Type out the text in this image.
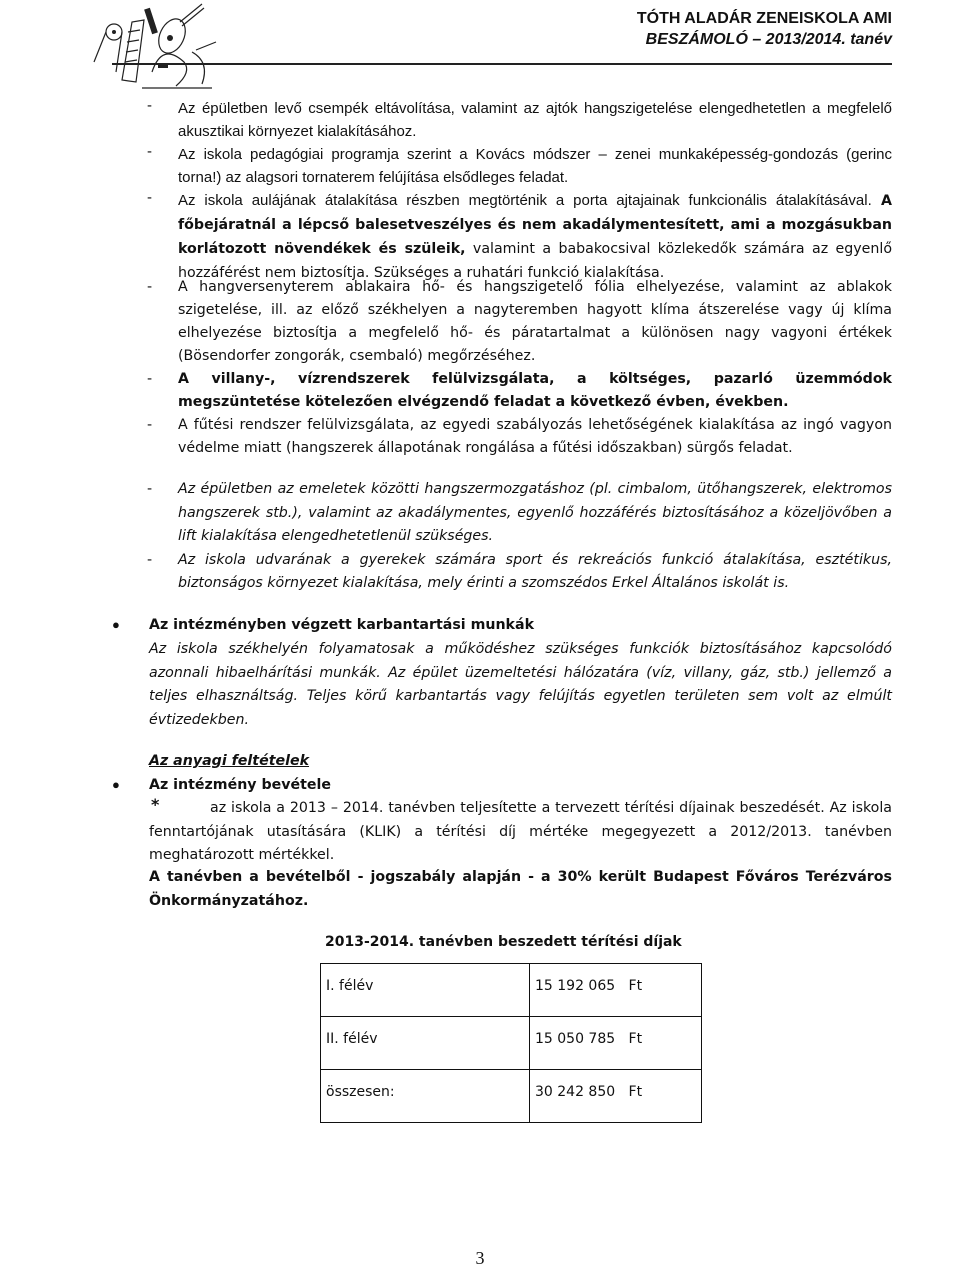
TÓTH ALADÁR ZENEISKOLA AMI
BESZÁMOLÓ – 2013/2014. tanév
- Az épületben levő csempék eltávolítása, valamint az ajtók hangszigetelése elengedhetetlen a megfelelő akusztikai környezet kialakításához.

- Az iskola pedagógiai programja szerint a Kovács módszer – zenei munkaképesség-gondozás (gerinc torna!) az alagsori tornaterem felújítása elsődleges feladat.

- Az iskola aulájának átalakítása részben megtörténik a porta ajtajainak funkcionális átalakításával. A főbejáratnál a lépcső balesetveszélyes és nem akadálymentesített, ami a mozgásukban korlátozott növendékek és szüleik, valamint a babakocsival közlekedők számára az egyenlő hozzáférést nem biztosítja. Szükséges a ruhatári funkció kialakítása.

- A hangversenyterem ablakaira hő- és hangszigetelő fólia elhelyezése, valamint az ablakok szigetelése, ill. az előző székhelyen a nagyteremben hagyott klíma átszerelése vagy új klíma elhelyezése biztosítja a megfelelő hő- és páratartalmat a különösen nagy vagyoni értékek (Bösendorfer zongorák, csembaló) megőrzéséhez.

- A villany-, vízrendszerek felülvizsgálata, a költséges, pazarló üzemmódok megszüntetése kötelezően elvégzendő feladat a következő évben, években.

- A fűtési rendszer felülvizsgálata, az egyedi szabályozás lehetőségének kialakítása az ingó vagyon védelme miatt (hangszerek állapotának rongálása a fűtési időszakban) sürgős feladat.

- Az épületben az emeletek közötti hangszermozgatáshoz (pl. cimbalom, ütőhangszerek, elektromos hangszerek stb.), valamint az akadálymentes, egyenlő hozzáférés biztosításához a közeljövőben a lift kialakítása elengedhetetlenül szükséges.

- Az iskola udvarának a gyerekek számára sport és rekreációs funkció átalakítása, esztétikus, biztonságos környezet kialakítása, mely érinti a szomszédos Erkel Általános iskolát is.

● Az intézményben végzett karbantartási munkák
Az iskola székhelyén folyamatosak a működéshez szükséges funkciók biztosításához kapcsolódó azonnali hibaelhárítási munkák. Az épület üzemeltetési hálózatára (víz, villany, gáz, stb.) jellemző a teljes elhasználtság. Teljes körű karbantartás vagy felújítás egyetlen területen sem volt az elmúlt évtizedekben.
Az anyagi feltételek
● Az intézmény bevétele
*	az iskola a 2013 – 2014. tanévben teljesítette a tervezett térítési díjainak beszedését. Az iskola fenntartójának utasítására (KLIK) a térítési díj mértéke megegyezett a 2012/2013. tanévben meghatározott mértékkel.
A tanévben a bevételből - jogszabály alapján - a 30% került Budapest Főváros Terézváros Önkormányzatához.
2013-2014. tanévben beszedett térítési díjak
I. félév	15 192 065 Ft
II. félév	15 050 785 Ft
összesen:	30 242 850 Ft
3
